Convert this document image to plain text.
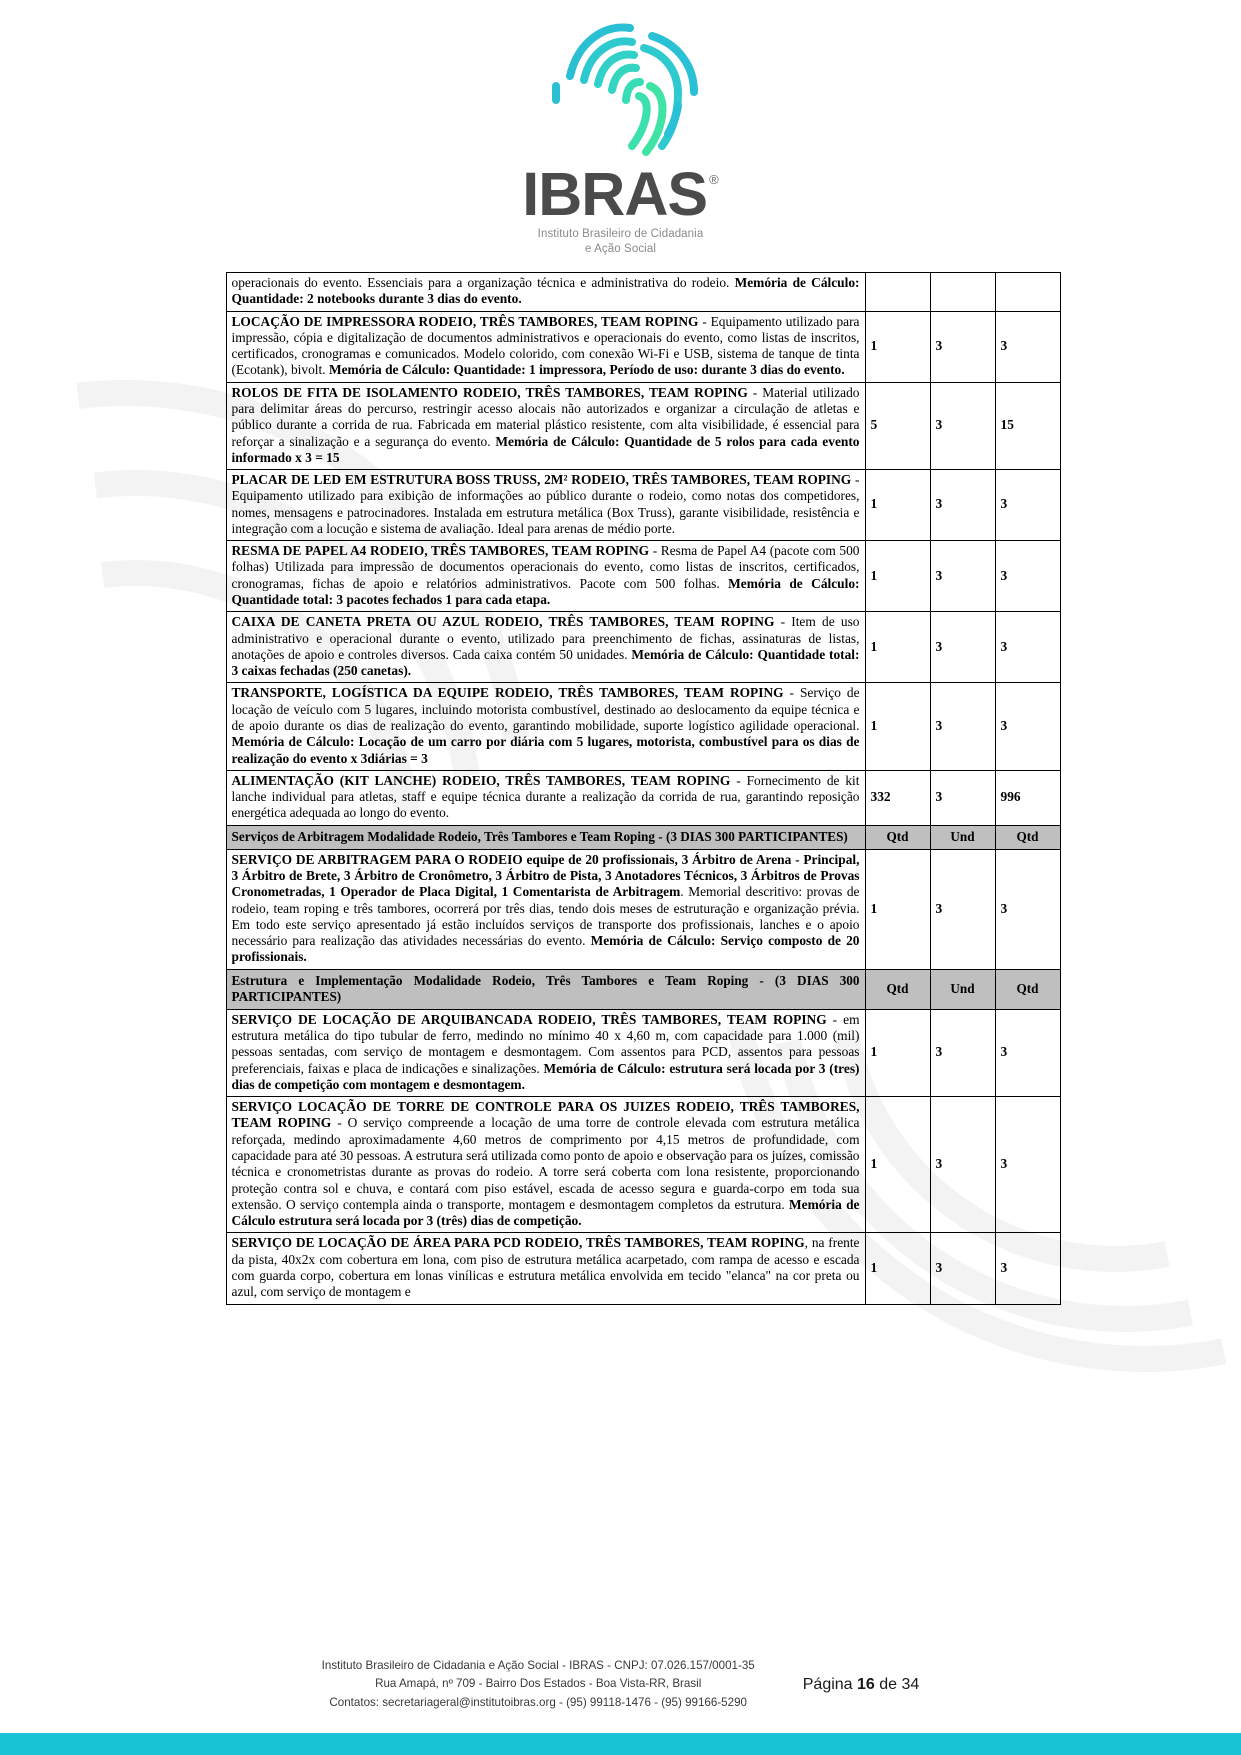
IBRAS ®
Instituto Brasileiro de Cidadania
e Ação Social
operacionais do evento. Essenciais para a organização técnica e administrativa do rodeio. Memória de Cálculo: Quantidade: 2 notebooks durante 3 dias do evento.			
LOCAÇÃO DE IMPRESSORA RODEIO, TRÊS TAMBORES, TEAM ROPING - Equipamento utilizado para impressão, cópia e digitalização de documentos administrativos e operacionais do evento, como listas de inscritos, certificados, cronogramas e comunicados. Modelo colorido, com conexão Wi-Fi e USB, sistema de tanque de tinta (Ecotank), bivolt. Memória de Cálculo: Quantidade: 1 impressora, Período de uso: durante 3 dias do evento.	1	3	3
ROLOS DE FITA DE ISOLAMENTO RODEIO, TRÊS TAMBORES, TEAM ROPING - Material utilizado para delimitar áreas do percurso, restringir acesso alocais não autorizados e organizar a circulação de atletas e público durante a corrida de rua. Fabricada em material plástico resistente, com alta visibilidade, é essencial para reforçar a sinalização e a segurança do evento. Memória de Cálculo: Quantidade de 5 rolos para cada evento informado x 3 = 15	5	3	15
PLACAR DE LED EM ESTRUTURA BOSS TRUSS, 2M² RODEIO, TRÊS TAMBORES, TEAM ROPING - Equipamento utilizado para exibição de informações ao público durante o rodeio, como notas dos competidores, nomes, mensagens e patrocinadores. Instalada em estrutura metálica (Box Truss), garante visibilidade, resistência e integração com a locução e sistema de avaliação. Ideal para arenas de médio porte.	1	3	3
RESMA DE PAPEL A4 RODEIO, TRÊS TAMBORES, TEAM ROPING - Resma de Papel A4 (pacote com 500 folhas) Utilizada para impressão de documentos operacionais do evento, como listas de inscritos, certificados, cronogramas, fichas de apoio e relatórios administrativos. Pacote com 500 folhas. Memória de Cálculo: Quantidade total: 3 pacotes fechados 1 para cada etapa.	1	3	3
CAIXA DE CANETA PRETA OU AZUL RODEIO, TRÊS TAMBORES, TEAM ROPING - Item de uso administrativo e operacional durante o evento, utilizado para preenchimento de fichas, assinaturas de listas, anotações de apoio e controles diversos. Cada caixa contém 50 unidades. Memória de Cálculo: Quantidade total: 3 caixas fechadas (250 canetas).	1	3	3
TRANSPORTE, LOGÍSTICA DA EQUIPE RODEIO, TRÊS TAMBORES, TEAM ROPING - Serviço de locação de veículo com 5 lugares, incluindo motorista combustível, destinado ao deslocamento da equipe técnica e de apoio durante os dias de realização do evento, garantindo mobilidade, suporte logístico agilidade operacional. Memória de Cálculo: Locação de um carro por diária com 5 lugares, motorista, combustível para os dias de realização do evento x 3diárias = 3	1	3	3
ALIMENTAÇÃO (KIT LANCHE) RODEIO, TRÊS TAMBORES, TEAM ROPING - Fornecimento de kit lanche individual para atletas, staff e equipe técnica durante a realização da corrida de rua, garantindo reposição energética adequada ao longo do evento.	332	3	996
Serviços de Arbitragem Modalidade Rodeio, Três Tambores e Team Roping - (3 DIAS 300 PARTICIPANTES)	Qtd	Und	Qtd
SERVIÇO DE ARBITRAGEM PARA O RODEIO equipe de 20 profissionais, 3 Árbitro de Arena - Principal, 3 Árbitro de Brete, 3 Árbitro de Cronômetro, 3 Árbitro de Pista, 3 Anotadores Técnicos, 3 Árbitros de Provas Cronometradas, 1 Operador de Placa Digital, 1 Comentarista de Arbitragem. Memorial descritivo: provas de rodeio, team roping e três tambores, ocorrerá por três dias, tendo dois meses de estruturação e organização prévia. Em todo este serviço apresentado já estão incluídos serviços de transporte dos profissionais, lanches e o apoio necessário para realização das atividades necessárias do evento. Memória de Cálculo: Serviço composto de 20 profissionais.	1	3	3
Estrutura e Implementação Modalidade Rodeio, Três Tambores e Team Roping - (3 DIAS 300 PARTICIPANTES)	Qtd	Und	Qtd
SERVIÇO DE LOCAÇÃO DE ARQUIBANCADA RODEIO, TRÊS TAMBORES, TEAM ROPING - em estrutura metálica do tipo tubular de ferro, medindo no mínimo 40 x 4,60 m, com capacidade para 1.000 (mil) pessoas sentadas, com serviço de montagem e desmontagem. Com assentos para PCD, assentos para pessoas preferenciais, faixas e placa de indicações e sinalizações. Memória de Cálculo: estrutura será locada por 3 (tres) dias de competição com montagem e desmontagem.	1	3	3
SERVIÇO LOCAÇÃO DE TORRE DE CONTROLE PARA OS JUIZES RODEIO, TRÊS TAMBORES, TEAM ROPING - O serviço compreende a locação de uma torre de controle elevada com estrutura metálica reforçada, medindo aproximadamente 4,60 metros de comprimento por 4,15 metros de profundidade, com capacidade para até 30 pessoas. A estrutura será utilizada como ponto de apoio e observação para os juízes, comissão técnica e cronometristas durante as provas do rodeio. A torre será coberta com lona resistente, proporcionando proteção contra sol e chuva, e contará com piso estável, escada de acesso segura e guarda-corpo em toda sua extensão. O serviço contempla ainda o transporte, montagem e desmontagem completos da estrutura. Memória de Cálculo estrutura será locada por 3 (três) dias de competição.	1	3	3
SERVIÇO DE LOCAÇÃO DE ÁREA PARA PCD RODEIO, TRÊS TAMBORES, TEAM ROPING, na frente da pista, 40x2x com cobertura em lona, com piso de estrutura metálica acarpetado, com rampa de acesso e escada com guarda corpo, cobertura em lonas vinílicas e estrutura metálica envolvida em tecido "elanca" na cor preta ou azul, com serviço de montagem e	1	3	3
Instituto Brasileiro de Cidadania e Ação Social - IBRAS - CNPJ: 07.026.157/0001-35
Rua Amapá, nº 709 - Bairro Dos Estados - Boa Vista-RR, Brasil
Contatos: secretariageral@institutoibras.org - (95) 99118-1476 - (95) 99166-5290
Página 16 de 34
